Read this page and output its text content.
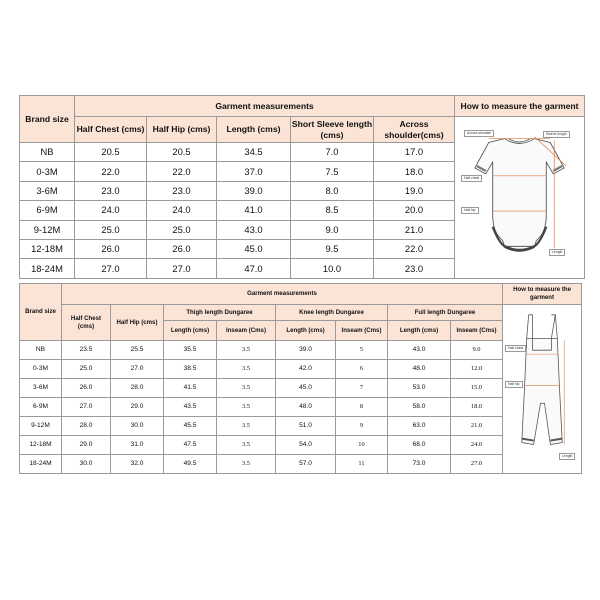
Brand size	Garment measurements					How to measure the garment
	Half Chest (cms)	Half Hip (cms)	Length (cms)	Short Sleeve length (cms)	Across shoulder(cms)	Across shoulder Sleeve length
Half chest
Half hip
Length

NB	20.5	20.5	34.5	7.0	17.0	
0-3M	22.0	22.0	37.0	7.5	18.0	
3-6M	23.0	23.0	39.0	8.0	19.0	
6-9M	24.0	24.0	41.0	8.5	20.0	
9-12M	25.0	25.0	43.0	9.0	21.0	
12-18M	26.0	26.0	45.0	9.5	22.0	
18-24M	27.0	27.0	47.0	10.0	23.0	
Brand size	Garment measurements								How to measure the garment
	Half Chest (cms)	Half Hip (cms)	Thigh length Dungaree		Knee length Dungaree		Full length Dungaree		Half chest
Half hip
Length

			Length (cms)	Inseam (Cms)	Length (cms)	Inseam (Cms)	Length (cms)	Inseam (Cms)	
NB	23.5	25.5	35.5	3.5	39.0	5	43.0	9.0	
0-3M	25.0	27.0	38.5	3.5	42.0	6	48.0	12.0	
3-6M	26.0	28.0	41.5	3.5	45.0	7	53.0	15.0	
6-9M	27.0	29.0	43.5	3.5	48.0	8	58.0	18.0	
9-12M	28.0	30.0	45.5	3.5	51.0	9	63.0	21.0	
12-18M	29.0	31.0	47.5	3.5	54.0	10	68.0	24.0	
18-24M	30.0	32.0	49.5	3.5	57.0	11	73.0	27.0	
